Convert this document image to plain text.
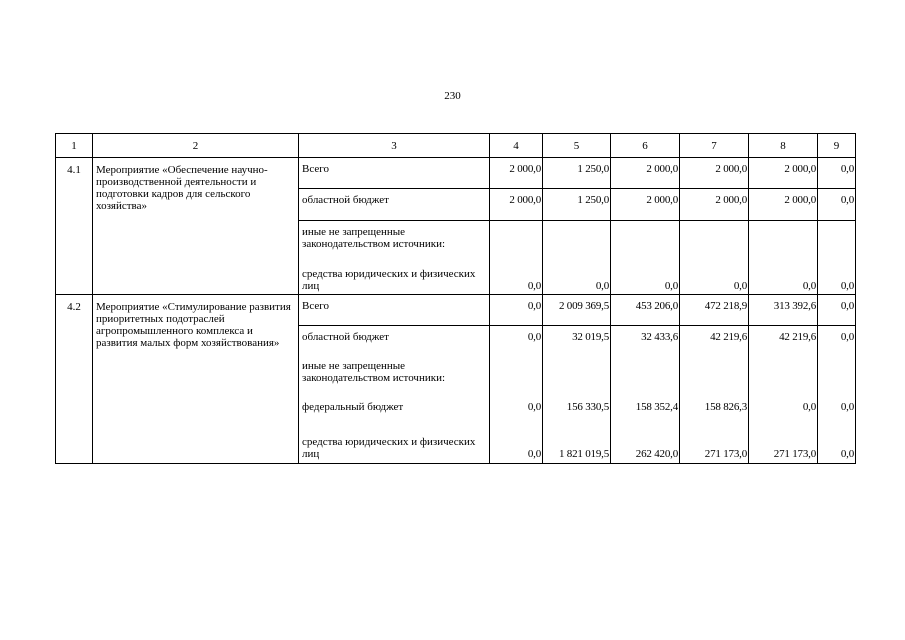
230
1	2	3	4	5	6	7	8	9
4.1	Мероприятие «Обеспечение научно-производственной деятельности и подготовки кадров для сельского хозяйства»	Всего	2 000,0	1 250,0	2 000,0	2 000,0	2 000,0	0,0
		областной бюджет	2 000,0	1 250,0	2 000,0	2 000,0	2 000,0	0,0
		иные не запрещенные законодательством источники:						
		средства юридических и физических лиц	0,0	0,0	0,0	0,0	0,0	0,0
4.2	Мероприятие «Стимулирование развития приоритетных подотраслей агропромышленного комплекса и развития малых форм хозяйствования»	Всего	0,0	2 009 369,5	453 206,0	472 218,9	313 392,6	0,0
		областной бюджет	0,0	32 019,5	32 433,6	42 219,6	42 219,6	0,0
		иные не запрещенные законодательством источники:						
		федеральный бюджет	0,0	156 330,5	158 352,4	158 826,3	0,0	0,0
		средства юридических и физических лиц	0,0	1 821 019,5	262 420,0	271 173,0	271 173,0	0,0
